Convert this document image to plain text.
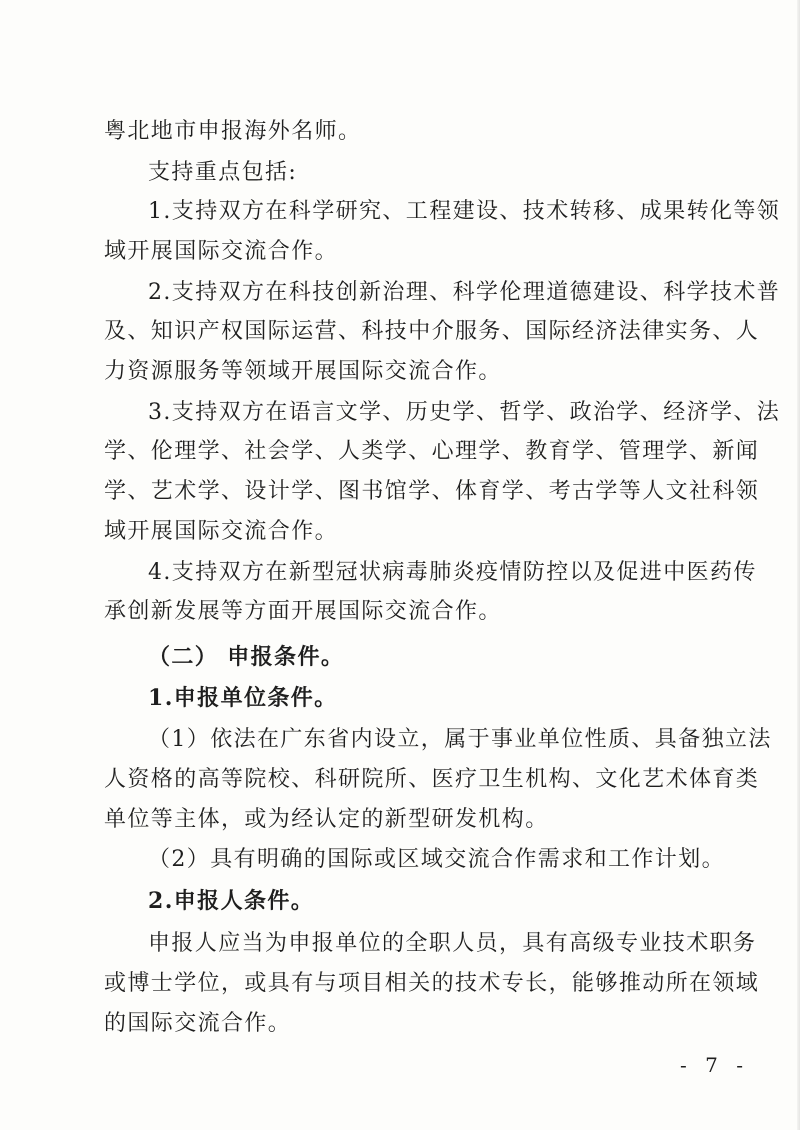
粤北地市申报海外名师。
支持重点包括:
1.支持双方在科学研究、工程建设、技术转移、成果转化等领
域开展国际交流合作。
2.支持双方在科技创新治理、科学伦理道德建设、科学技术普
及、知识产权国际运营、科技中介服务、国际经济法律实务、人
力资源服务等领域开展国际交流合作。
3.支持双方在语言文学、历史学、哲学、政治学、经济学、法
学、伦理学、社会学、人类学、心理学、教育学、管理学、新闻
学、艺术学、设计学、图书馆学、体育学、考古学等人文社科领
域开展国际交流合作。
4.支持双方在新型冠状病毒肺炎疫情防控以及促进中医药传
承创新发展等方面开展国际交流合作。
（二） 申报条件。
1.申报单位条件。
（1）依法在广东省内设立，属于事业单位性质、具备独立法
人资格的高等院校、科研院所、医疗卫生机构、文化艺术体育类
单位等主体，或为经认定的新型研发机构。
（2）具有明确的国际或区域交流合作需求和工作计划。
2.申报人条件。
申报人应当为申报单位的全职人员，具有高级专业技术职务
或博士学位，或具有与项目相关的技术专长，能够推动所在领域
的国际交流合作。
- 7 -
